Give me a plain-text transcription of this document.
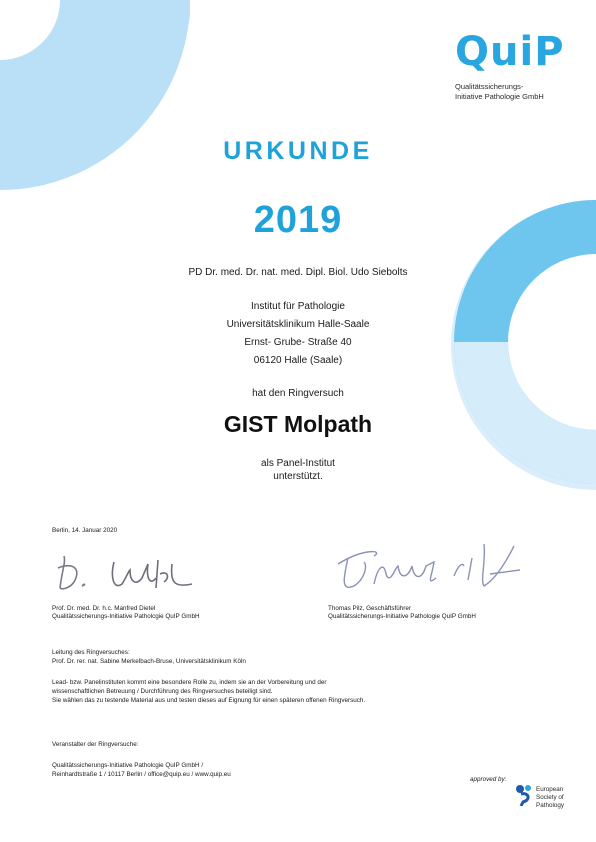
QuiP
Qualitätssicherungs-
Initiative Pathologie GmbH
URKUNDE
2019
PD Dr. med. Dr. nat. med. Dipl. Biol. Udo Siebolts
Institut für Pathologie
Universitätsklinikum Halle-Saale
Ernst- Grube- Straße 40
06120 Halle (Saale)
hat den Ringversuch
GIST Molpath
als Panel-Institut
unterstützt.
Berlin, 14. Januar 2020
Prof. Dr. med. Dr. h.c. Manfred Dietel
Qualitätssicherungs-Initiative Patholcgie QuIP GmbH
Thomas Pilz, Geschäftsführer
Qualitätssicherungs-Initiative Pathologie QuIP GmbH
Leitung des Ringversuches:
Prof. Dr. rer. nat. Sabine Merkelbach-Bruse, Universitätsklinikum Köln
Lead- bzw. Panelinstituten kommt eine besondere Rolle zu, indem sie an der Vorbereitung und der
wissenschaftlichen Betreuung / Durchführung des Ringversuches beteiligt sind.
Sie wählen das zu testende Material aus und testen dieses auf Eignung für einen späteren offenen Ringversuch.
Veranstalter der Ringversuche:
Qualitätssicherungs-Initiative Patholcgie QuIP GmbH /
Reinhardtstraße 1 / 10117 Berlin / office@quip.eu / www.quip.eu
approved by:
European
Society of
Pathology
